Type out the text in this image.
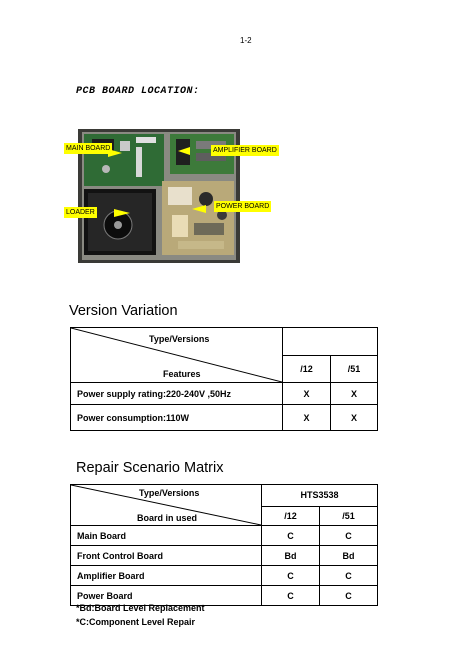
1-2
PCB BOARD LOCATION:
MAIN BOARD	AMPLIFIER BOARD
LOADER
POWER BOARD
Version Variation
Type/Versions
Features		

	/12	/51
Power supply rating:220-240V ,50Hz	X	X
Power consumption:110W	X	X
Repair Scenario Matrix
Type/Versions
Board in used	HTS3538	
	/12	/51
Main Board	C	C
Front Control Board	Bd	Bd
Amplifier Board	C	C
Power Board	C	C
*Bd:Board Level Replacement
*C:Component Level Repair
